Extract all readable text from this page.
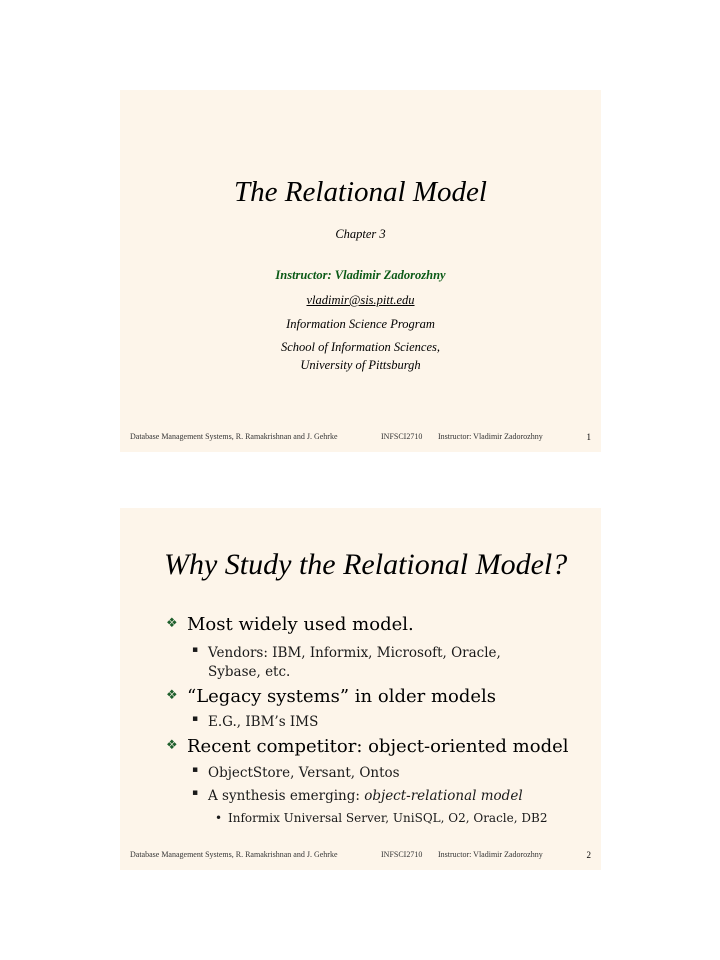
The Relational Model
Chapter 3
Instructor: Vladimir Zadorozhny
vladimir@sis.pitt.edu
Information Science Program
School of Information Sciences,
University of Pittsburgh
Database Management Systems, R. Ramakrishnan and J. Gehrke	INFSCI2710 Instructor: Vladimir Zadorozhny	1
Why Study the Relational Model?
❖ Most widely used model.
▪ Vendors: IBM, Informix, Microsoft, Oracle,
Sybase, etc.
❖ “Legacy systems” in older models
▪ E.G., IBM’s IMS
❖ Recent competitor: object-oriented model
▪ ObjectStore, Versant, Ontos
▪ A synthesis emerging: object-relational model
• Informix Universal Server, UniSQL, O2, Oracle, DB2
Database Management Systems, R. Ramakrishnan and J. Gehrke	INFSCI2710 Instructor: Vladimir Zadorozhny	2
